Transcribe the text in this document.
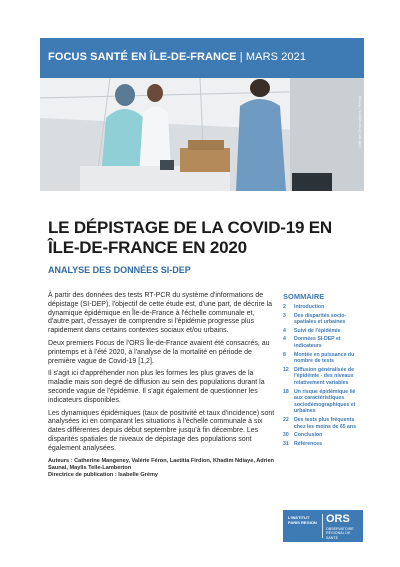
FOCUS SANTÉ EN ÎLE-DE-FRANCE | MARS 2021
Ville de Gennevilliers / Fréval
LE DÉPISTAGE DE LA COVID-19 EN
ÎLE-DE-FRANCE EN 2020
ANALYSE DES DONNÉES SI-DEP

À partir des données des tests RT-PCR du système d'informations de dépistage (SI-DEP), l'objectif de cette étude est, d'une part, de décrire la dynamique épidémique en Île-de-France à l'échelle communale et, d'autre part, d'essayer de comprendre si l'épidémie progresse plus rapidement dans certains contextes sociaux et/ou urbains.

Deux premiers Focus de l'ORS Île-de-France avaient été consacrés, au printemps et à l'été 2020, à l'analyse de la mortalité en période de première vague de Covid-19 [1,2].

Il s'agit ici d'appréhender non plus les formes les plus graves de la maladie mais son degré de diffusion au sein des populations durant la seconde vague de l'épidémie. Il s'agit également de questionner les indicateurs disponibles.

Les dynamiques épidémiques (taux de positivité et taux d'incidence) sont analysées ici en comparant les situations à l'échelle communale à six dates différentes depuis début septembre jusqu'à fin décembre. Les disparités spatiales de niveaux de dépistage des populations sont également analysées.

Auteurs : Catherine Mangeney, Valérie Féron, Laetitia Firdion, Khadim Ndiaye, Adrien Saunal, Maylis Telle-Lamberton
Directrice de publication : Isabelle Grémy
SOMMAIRE
2	Introduction
3	Des disparités socio-spatiales et urbaines
4	Suivi de l'épidémie
4	Données SI-DEP et indicateurs
8	Montée en puissance du nombre de tests
12	Diffusion généralisée de l'épidémie - des niveaux relativement variables
18	Un risque épidémique lié aux caractéristiques sociodémographiques et urbaines
22	Des tests plus fréquents chez les moins de 65 ans
30	Conclusion
31	Références
L'INSTITUT PARIS REGION ORS
OBSERVATOIRE RÉGIONAL DE SANTÉ
